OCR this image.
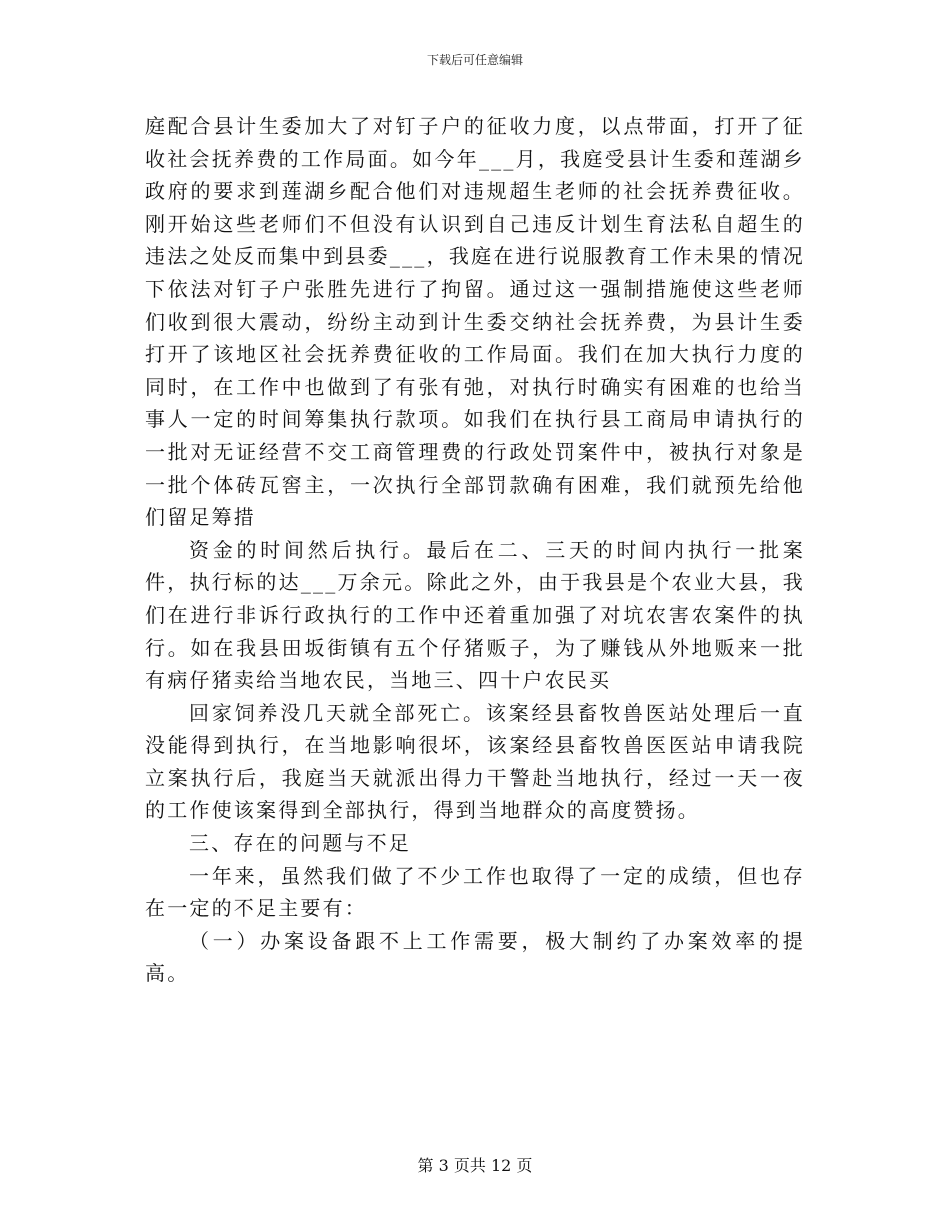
下载后可任意编辑

庭配合县计生委加大了对钉子户的征收力度，以点带面，打开了征收社会抚养费的工作局面。如今年___月，我庭受县计生委和莲湖乡政府的要求到莲湖乡配合他们对违规超生老师的社会抚养费征收。刚开始这些老师们不但没有认识到自己违反计划生育法私自超生的违法之处反而集中到县委___，我庭在进行说服教育工作未果的情况下依法对钉子户张胜先进行了拘留。通过这一强制措施使这些老师们收到很大震动，纷纷主动到计生委交纳社会抚养费，为县计生委打开了该地区社会抚养费征收的工作局面。我们在加大执行力度的同时，在工作中也做到了有张有弛，对执行时确实有困难的也给当事人一定的时间筹集执行款项。如我们在执行县工商局申请执行的一批对无证经营不交工商管理费的行政处罚案件中，被执行对象是一批个体砖瓦窖主，一次执行全部罚款确有困难，我们就预先给他们留足筹措

资金的时间然后执行。最后在二、三天的时间内执行一批案件，执行标的达___万余元。除此之外，由于我县是个农业大县，我们在进行非诉行政执行的工作中还着重加强了对坑农害农案件的执行。如在我县田坂街镇有五个仔猪贩子，为了赚钱从外地贩来一批有病仔猪卖给当地农民，当地三、四十户农民买

回家饲养没几天就全部死亡。该案经县畜牧兽医站处理后一直没能得到执行，在当地影响很坏，该案经县畜牧兽医医站申请我院立案执行后，我庭当天就派出得力干警赴当地执行，经过一天一夜的工作使该案得到全部执行，得到当地群众的高度赞扬。

三、存在的问题与不足

一年来，虽然我们做了不少工作也取得了一定的成绩，但也存在一定的不足主要有：

（一）办案设备跟不上工作需要，极大制约了办案效率的提高。

第 3 页共 12 页
